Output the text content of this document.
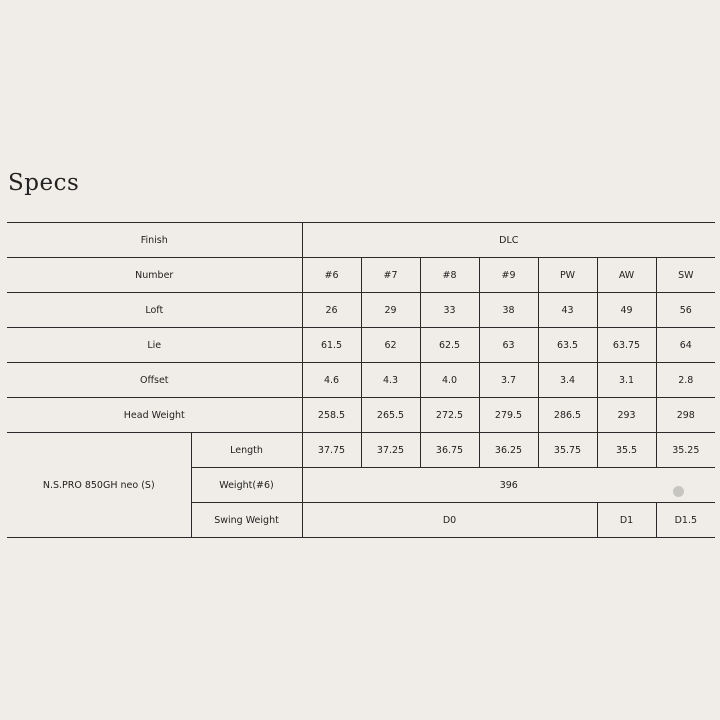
Specs
Finish		DLC						
Number		#6	#7	#8	#9	PW	AW	SW
Loft		26	29	33	38	43	49	56
Lie		61.5	62	62.5	63	63.5	63.75	64
Offset		4.6	4.3	4.0	3.7	3.4	3.1	2.8
Head Weight		258.5	265.5	272.5	279.5	286.5	293	298
N.S.PRO 850GH neo (S)	Length	37.75	37.25	36.75	36.25	35.75	35.5	35.25
	Weight(#6)	396						
	Swing Weight	D0					D1	D1.5
